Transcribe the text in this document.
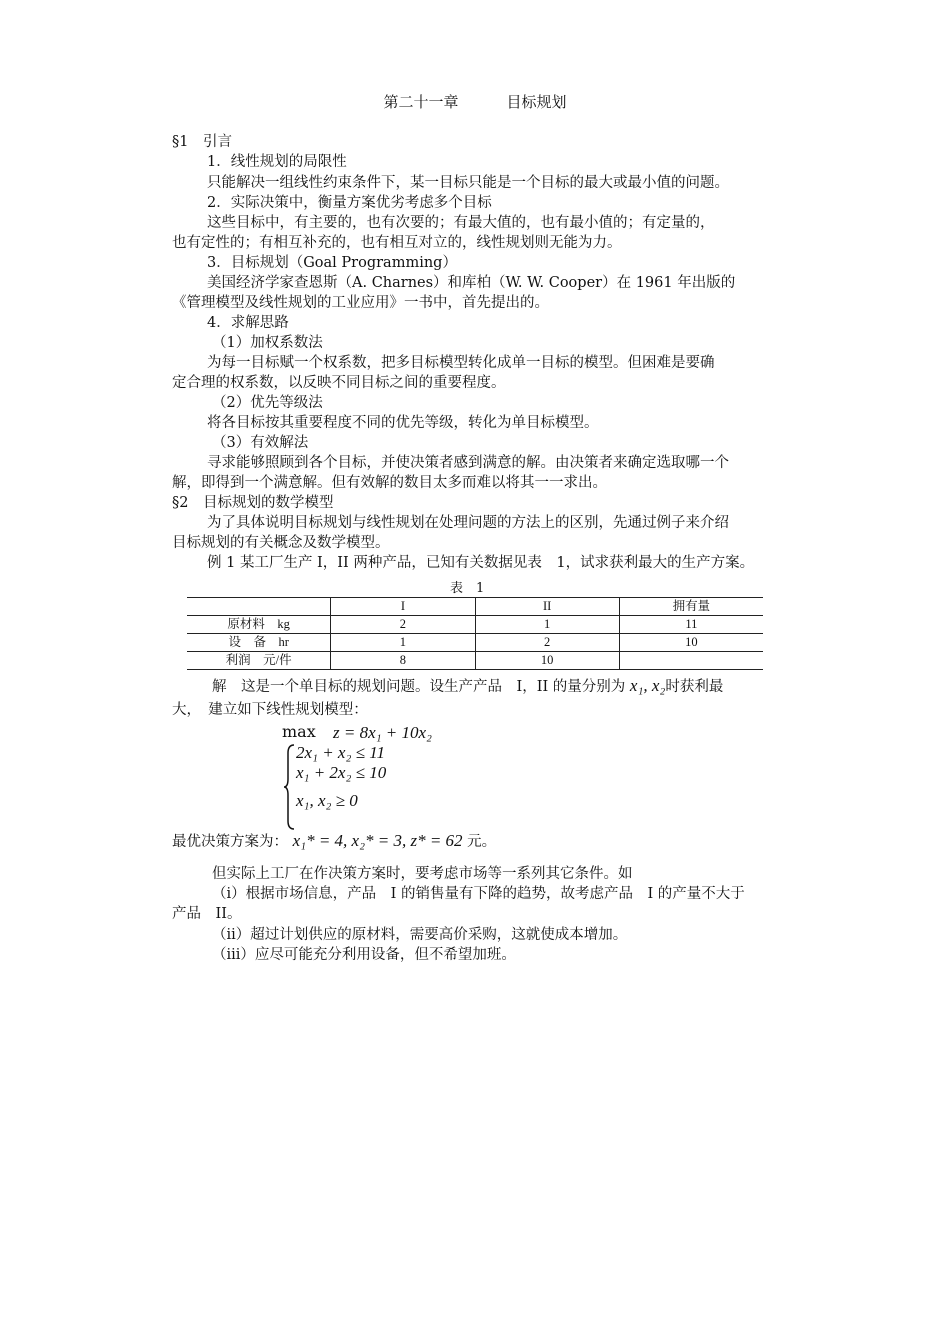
第二十一章	目标规划
§1　引言
1．线性规划的局限性
只能解决一组线性约束条件下，某一目标只能是一个目标的最大或最小值的问题。
2．实际决策中，衡量方案优劣考虑多个目标
这些目标中，有主要的，也有次要的；有最大值的，也有最小值的；有定量的，
也有定性的；有相互补充的，也有相互对立的，线性规划则无能为力。
3．目标规划（Goal Programming）
美国经济学家查恩斯（A. Charnes）和库柏（W. W. Cooper）在 1961 年出版的
《管理模型及线性规划的工业应用》一书中，首先提出的。
4．求解思路
（1）加权系数法
为每一目标赋一个权系数，把多目标模型转化成单一目标的模型。但困难是要确
定合理的权系数，以反映不同目标之间的重要程度。
（2）优先等级法
将各目标按其重要程度不同的优先等级，转化为单目标模型。
（3）有效解法
寻求能够照顾到各个目标，并使决策者感到满意的解。由决策者来确定选取哪一个
解，即得到一个满意解。但有效解的数目太多而难以将其一一求出。
§2　目标规划的数学模型
为了具体说明目标规划与线性规划在处理问题的方法上的区别，先通过例子来介绍
目标规划的有关概念及数学模型。
例 1 某工厂生产 I，II 两种产品，已知有关数据见表　1，试求获利最大的生产方案。
表　1
	I	II	拥有量
原材料　kg	2	1	11
设　备　hr	1	2	10
利润　元/件	8	10	
解　这是一个单目标的规划问题。设生产产品　I，II 的量分别为 x₁, x₂时获利最
大，　建立如下线性规划模型：
max z = 8x₁ + 10x₂
2x₁ + x₂ ≤ 11
x₁ + 2x₂ ≤ 10
x₁, x₂ ≥ 0
最优决策方案为： x₁* = 4, x₂* = 3, z* = 62 元。
但实际上工厂在作决策方案时，要考虑市场等一系列其它条件。如
（i）根据市场信息，产品　I 的销售量有下降的趋势，故考虑产品　I 的产量不大于
产品　II。
（ii）超过计划供应的原材料，需要高价采购，这就使成本增加。
（iii）应尽可能充分利用设备，但不希望加班。
